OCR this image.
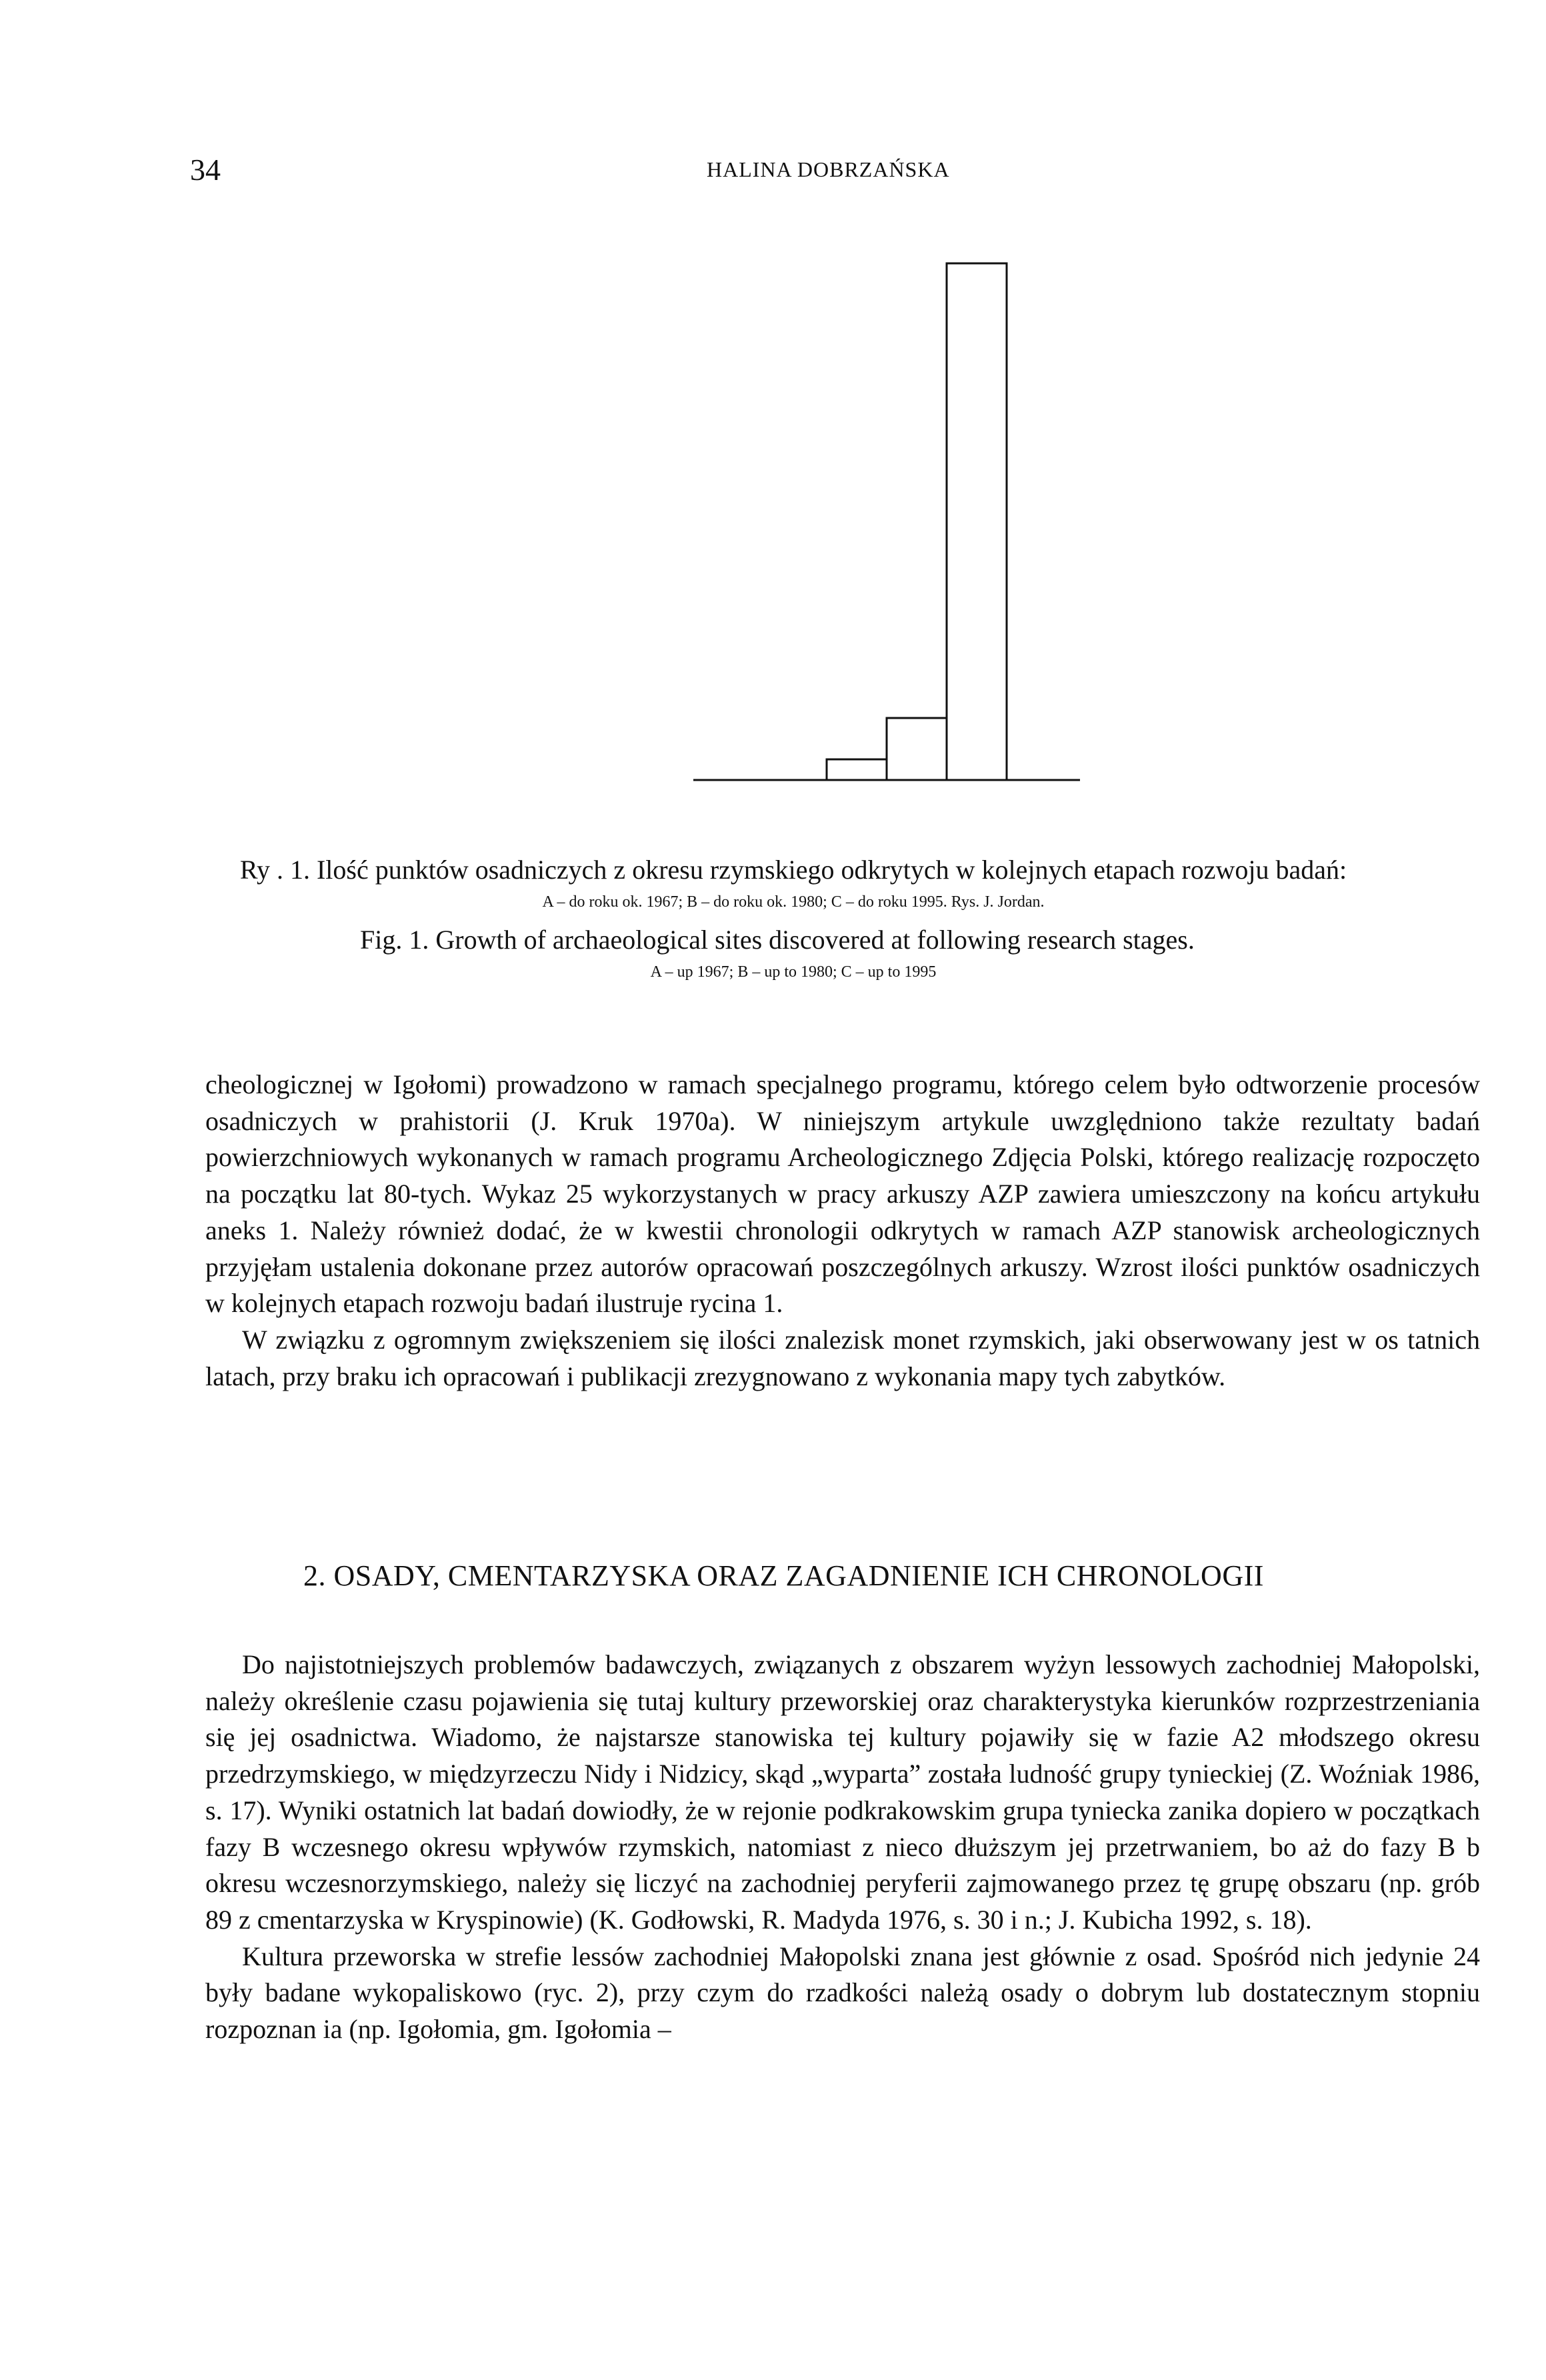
34	HALINA DOBRZAŃSKA
Ry . 1. Ilość punktów osadniczych z okresu rzymskiego odkrytych w kolejnych etapach rozwoju badań:
A – do roku ok. 1967; B – do roku ok. 1980; C – do roku 1995. Rys. J. Jordan.
Fig. 1. Growth of archaeological sites discovered at following research stages.
A – up 1967; B – up to 1980; C – up to 1995

cheologicznej w Igołomi) prowadzono w ramach specjalnego programu, którego celem było odtworzenie procesów osadniczych w prahistorii (J. Kruk 1970a). W niniejszym artykule uwzględniono także rezultaty badań powierzchniowych wykonanych w ramach programu Archeologicznego Zdjęcia Polski, którego realizację rozpoczęto na początku lat 80-tych. Wykaz 25 wykorzystanych w pracy arkuszy AZP zawiera umieszczony na końcu artykułu aneks 1. Należy również dodać, że w kwestii chronologii odkrytych w ramach AZP stanowisk archeologicznych przyjęłam ustalenia dokonane przez autorów opracowań poszczególnych arkuszy. Wzrost ilości punktów osadniczych w kolejnych etapach rozwoju badań ilustruje rycina 1.

W związku z ogromnym zwiększeniem się ilości znalezisk monet rzymskich, jaki obserwowany jest w os tatnich latach, przy braku ich opracowań i publikacji zrezygnowano z wykonania mapy tych zabytków.

2. OSADY, CMENTARZYSKA ORAZ ZAGADNIENIE ICH CHRONOLOGII

Do najistotniejszych problemów badawczych, związanych z obszarem wyżyn lessowych zachodniej Małopolski, należy określenie czasu pojawienia się tutaj kultury przeworskiej oraz charakterystyka kierunków rozprzestrzeniania się jej osadnictwa. Wiadomo, że najstarsze stanowiska tej kultury pojawiły się w fazie A2 młodszego okresu przedrzymskiego, w międzyrzeczu Nidy i Nidzicy, skąd „wyparta” została ludność grupy tynieckiej (Z. Woźniak 1986, s. 17). Wyniki ostatnich lat badań dowiodły, że w rejonie podkrakowskim grupa tyniecka zanika dopiero w początkach fazy B wczesnego okresu wpływów rzymskich, natomiast z nieco dłuższym jej przetrwaniem, bo aż do fazy B b okresu wczesnorzymskiego, należy się liczyć na zachodniej peryferii zajmowanego przez tę grupę obszaru (np. grób 89 z cmentarzyska w Kryspinowie) (K. Godłowski, R. Madyda 1976, s. 30 i n.; J. Kubicha 1992, s. 18).

Kultura przeworska w strefie lessów zachodniej Małopolski znana jest głównie z osad. Spośród nich jedynie 24 były badane wykopaliskowo (ryc. 2), przy czym do rzadkości należą osady o dobrym lub dostatecznym stopniu rozpoznan ia (np. Igołomia, gm. Igołomia –
